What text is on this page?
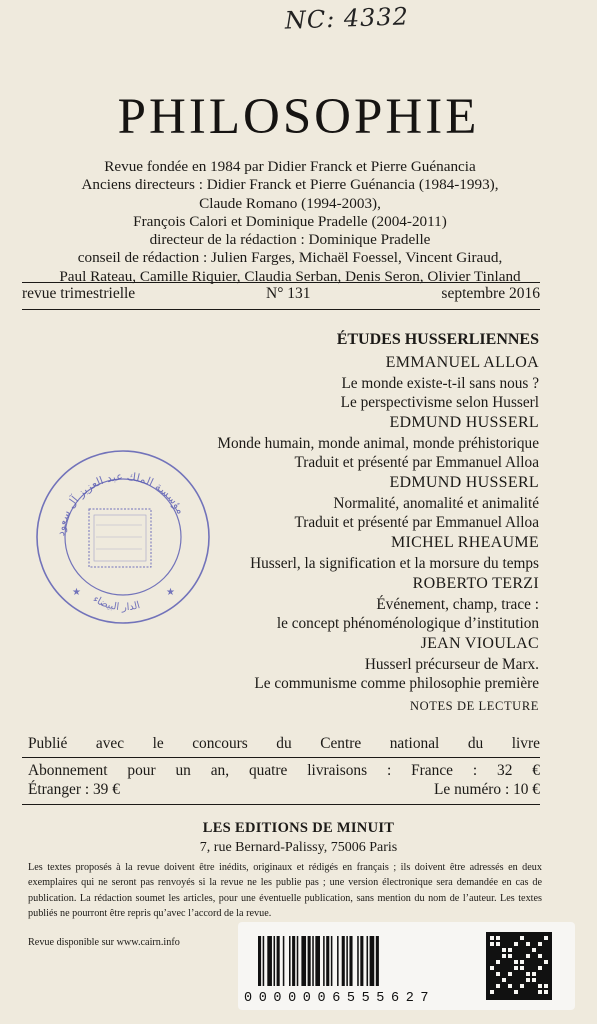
NC: 4332
PHILOSOPHIE
Revue fondée en 1984 par Didier Franck et Pierre Guénancia
Anciens directeurs : Didier Franck et Pierre Guénancia (1984-1993),
Claude Romano (1994-2003),
François Calori et Dominique Pradelle (2004-2011)
directeur de la rédaction : Dominique Pradelle
conseil de rédaction : Julien Farges, Michaël Foessel, Vincent Giraud,
Paul Rateau, Camille Riquier, Claudia Serban, Denis Seron, Olivier Tinland
revue trimestrielle	N° 131	septembre 2016
ÉTUDES HUSSERLIENNES
EMMANUEL ALLOA
Le monde existe-t-il sans nous ?
Le perspectivisme selon Husserl
EDMUND HUSSERL
Monde humain, monde animal, monde préhistorique
Traduit et présenté par Emmanuel Alloa
EDMUND HUSSERL
Normalité, anomalité et animalité
Traduit et présenté par Emmanuel Alloa
MICHEL RHEAUME
Husserl, la signification et la morsure du temps
ROBERTO TERZI
Événement, champ, trace :
le concept phénoménologique d’institution
JEAN VIOULAC
Husserl précurseur de Marx.
Le communisme comme philosophie première
NOTES DE LECTURE
Publié avec le concours du Centre national du livre
Abonnement pour un an, quatre livraisons : France : 32 €
Étranger : 39 €	Le numéro : 10 €
LES EDITIONS DE MINUIT
7, rue Bernard-Palissy, 75006 Paris
Les textes proposés à la revue doivent être inédits, originaux et rédigés en français ; ils doivent être adressés en deux exemplaires qui ne seront pas renvoyés si la revue ne les publie pas ; une version électronique sera demandée en cas de publication. La rédaction soumet les articles, pour une éventuelle publication, sans mention du nom de l’auteur. Les textes publiés ne pourront être repris qu’avec l’accord de la revue.
Revue disponible sur www.cairn.info
مؤسسة الملك عبد العزيز آل سعود
الدار البيضاء
★	★
0000006555627
